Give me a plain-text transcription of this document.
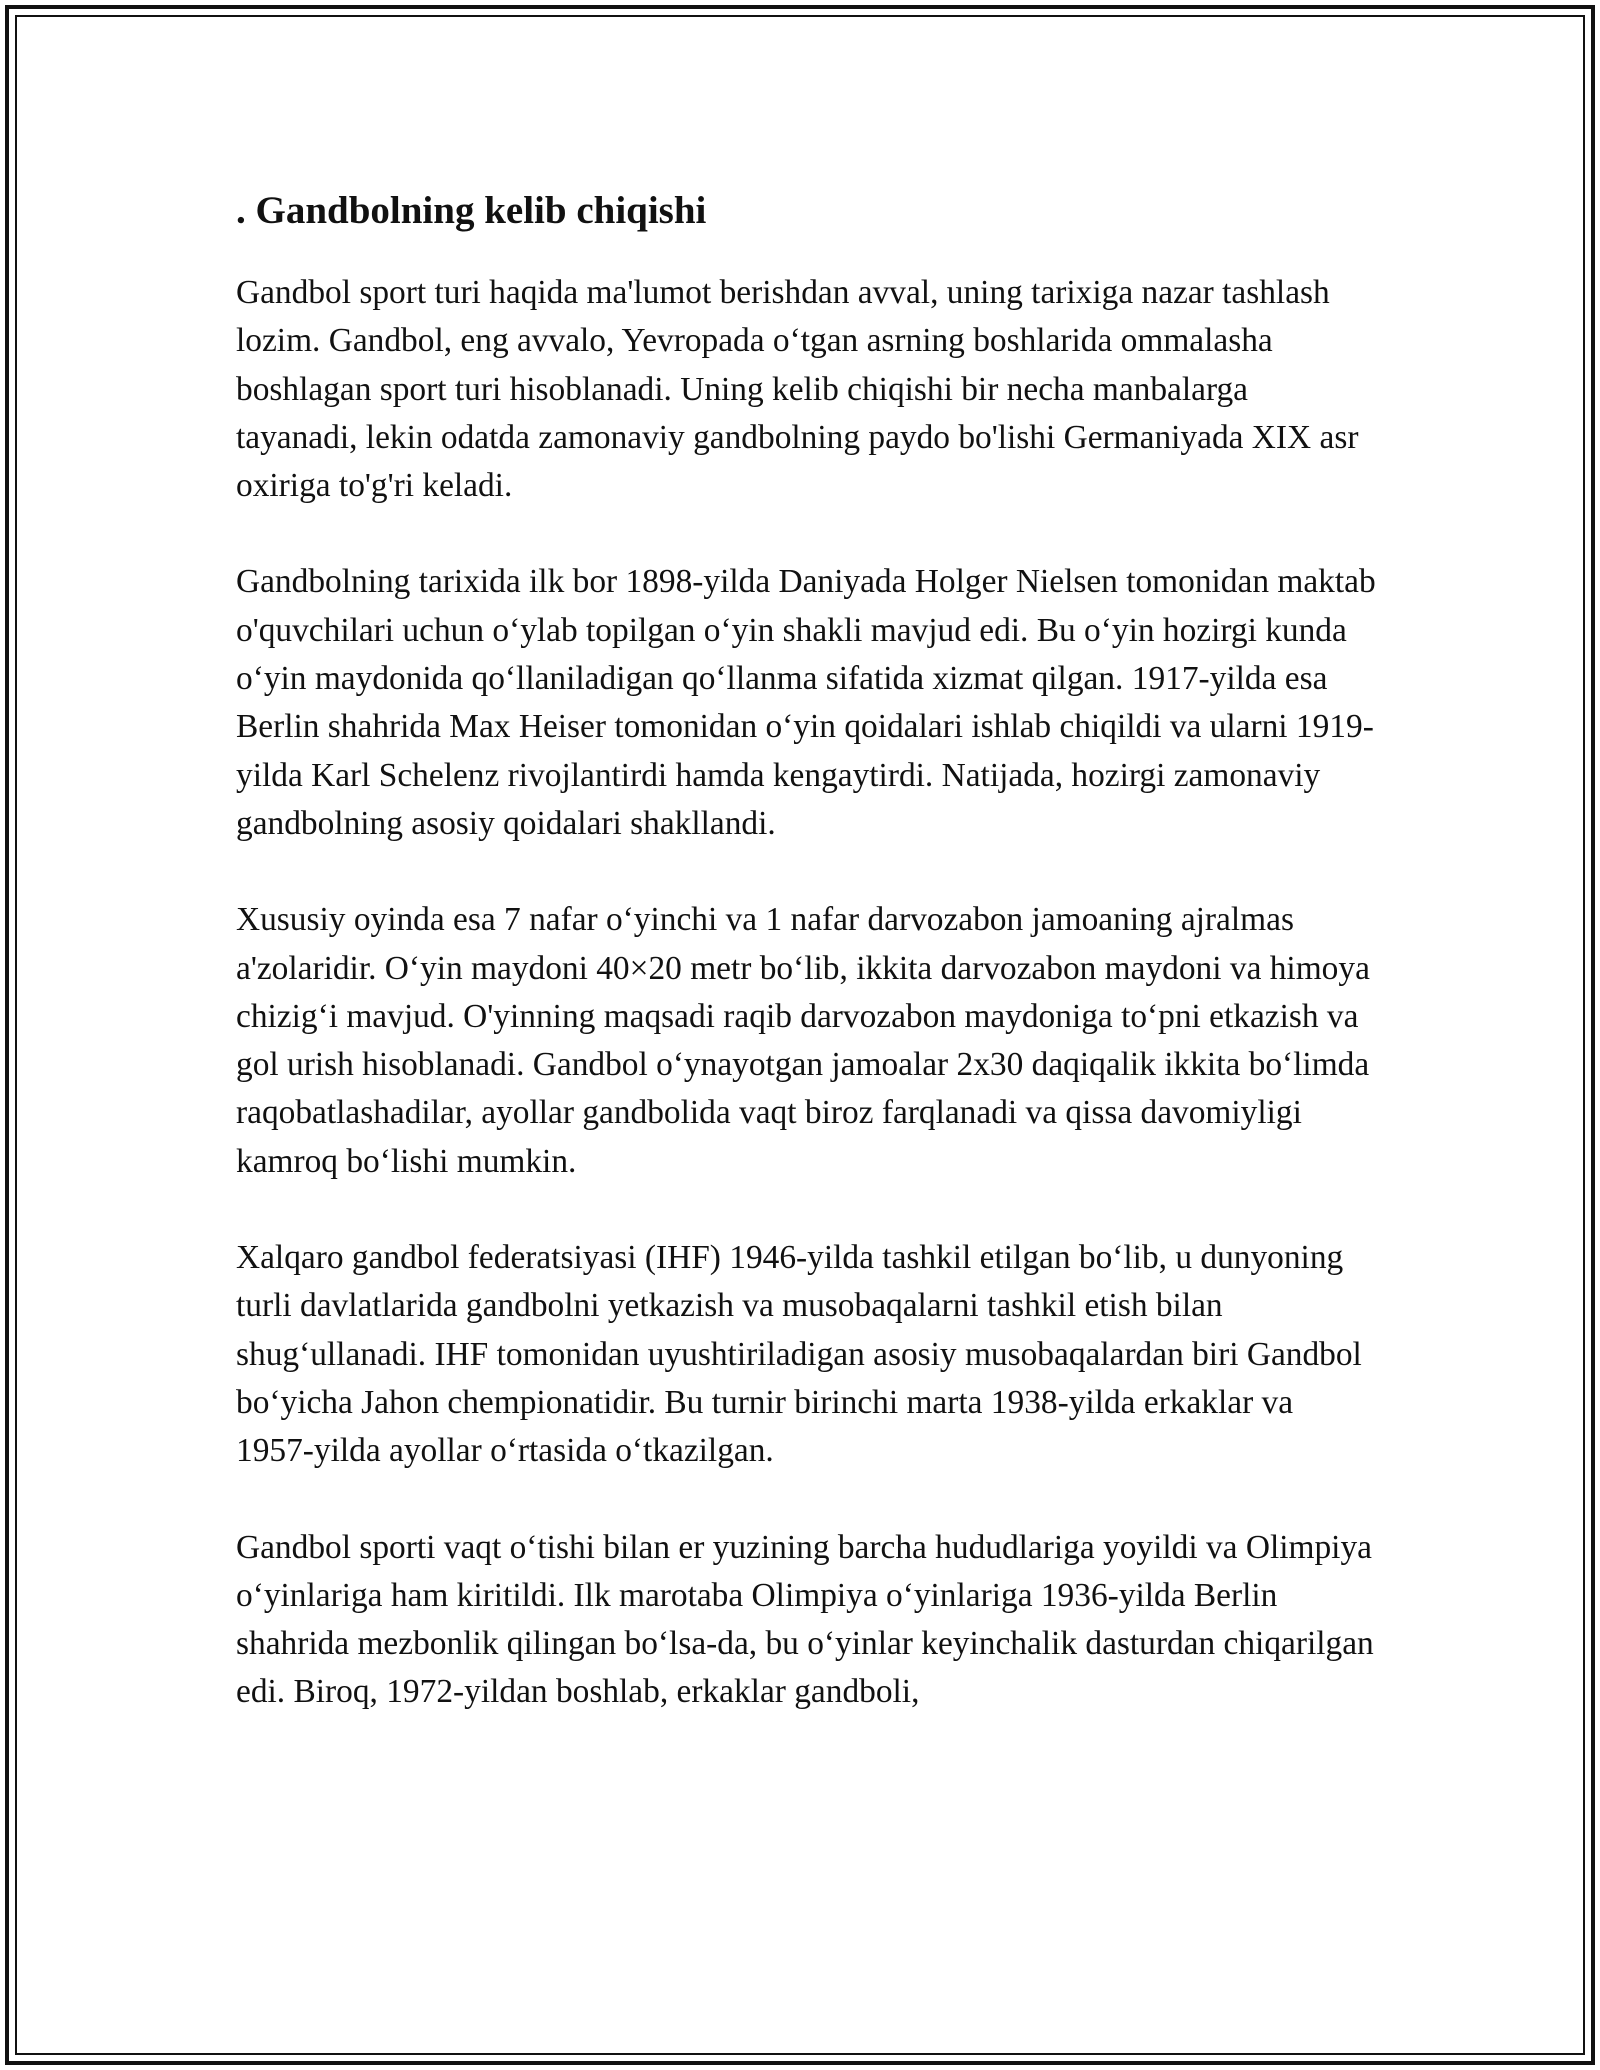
. Gandbolning kelib chiqishi

Gandbol sport turi haqida ma'lumot berishdan avval, uning tarixiga nazar tashlash lozim. Gandbol, eng avvalo, Yevropada o‘tgan asrning boshlarida ommalasha boshlagan sport turi hisoblanadi. Uning kelib chiqishi bir necha manbalarga tayanadi, lekin odatda zamonaviy gandbolning paydo bo'lishi Germaniyada XIX asr oxiriga to'g'ri keladi.

Gandbolning tarixida ilk bor 1898-yilda Daniyada Holger Nielsen tomonidan maktab o'quvchilari uchun o‘ylab topilgan o‘yin shakli mavjud edi. Bu o‘yin hozirgi kunda o‘yin maydonida qo‘llaniladigan qo‘llanma sifatida xizmat qilgan. 1917-yilda esa Berlin shahrida Max Heiser tomonidan o‘yin qoidalari ishlab chiqildi va ularni 1919-yilda Karl Schelenz rivojlantirdi hamda kengaytirdi. Natijada, hozirgi zamonaviy gandbolning asosiy qoidalari shakllandi.

Xususiy oyinda esa 7 nafar o‘yinchi va 1 nafar darvozabon jamoaning ajralmas a'zolaridir. O‘yin maydoni 40×20 metr bo‘lib, ikkita darvozabon maydoni va himoya chizig‘i mavjud. O'yinning maqsadi raqib darvozabon maydoniga to‘pni etkazish va gol urish hisoblanadi. Gandbol o‘ynayotgan jamoalar 2x30 daqiqalik ikkita bo‘limda raqobatlashadilar, ayollar gandbolida vaqt biroz farqlanadi va qissa davomiyligi kamroq bo‘lishi mumkin.

Xalqaro gandbol federatsiyasi (IHF) 1946-yilda tashkil etilgan bo‘lib, u dunyoning turli davlatlarida gandbolni yetkazish va musobaqalarni tashkil etish bilan shug‘ullanadi. IHF tomonidan uyushtiriladigan asosiy musobaqalardan biri Gandbol bo‘yicha Jahon chempionatidir. Bu turnir birinchi marta 1938-yilda erkaklar va 1957-yilda ayollar o‘rtasida o‘tkazilgan.

Gandbol sporti vaqt o‘tishi bilan er yuzining barcha hududlariga yoyildi va Olimpiya o‘yinlariga ham kiritildi. Ilk marotaba Olimpiya o‘yinlariga 1936-yilda Berlin shahrida mezbonlik qilingan bo‘lsa-da, bu o‘yinlar keyinchalik dasturdan chiqarilgan edi. Biroq, 1972-yildan boshlab, erkaklar gandboli,
